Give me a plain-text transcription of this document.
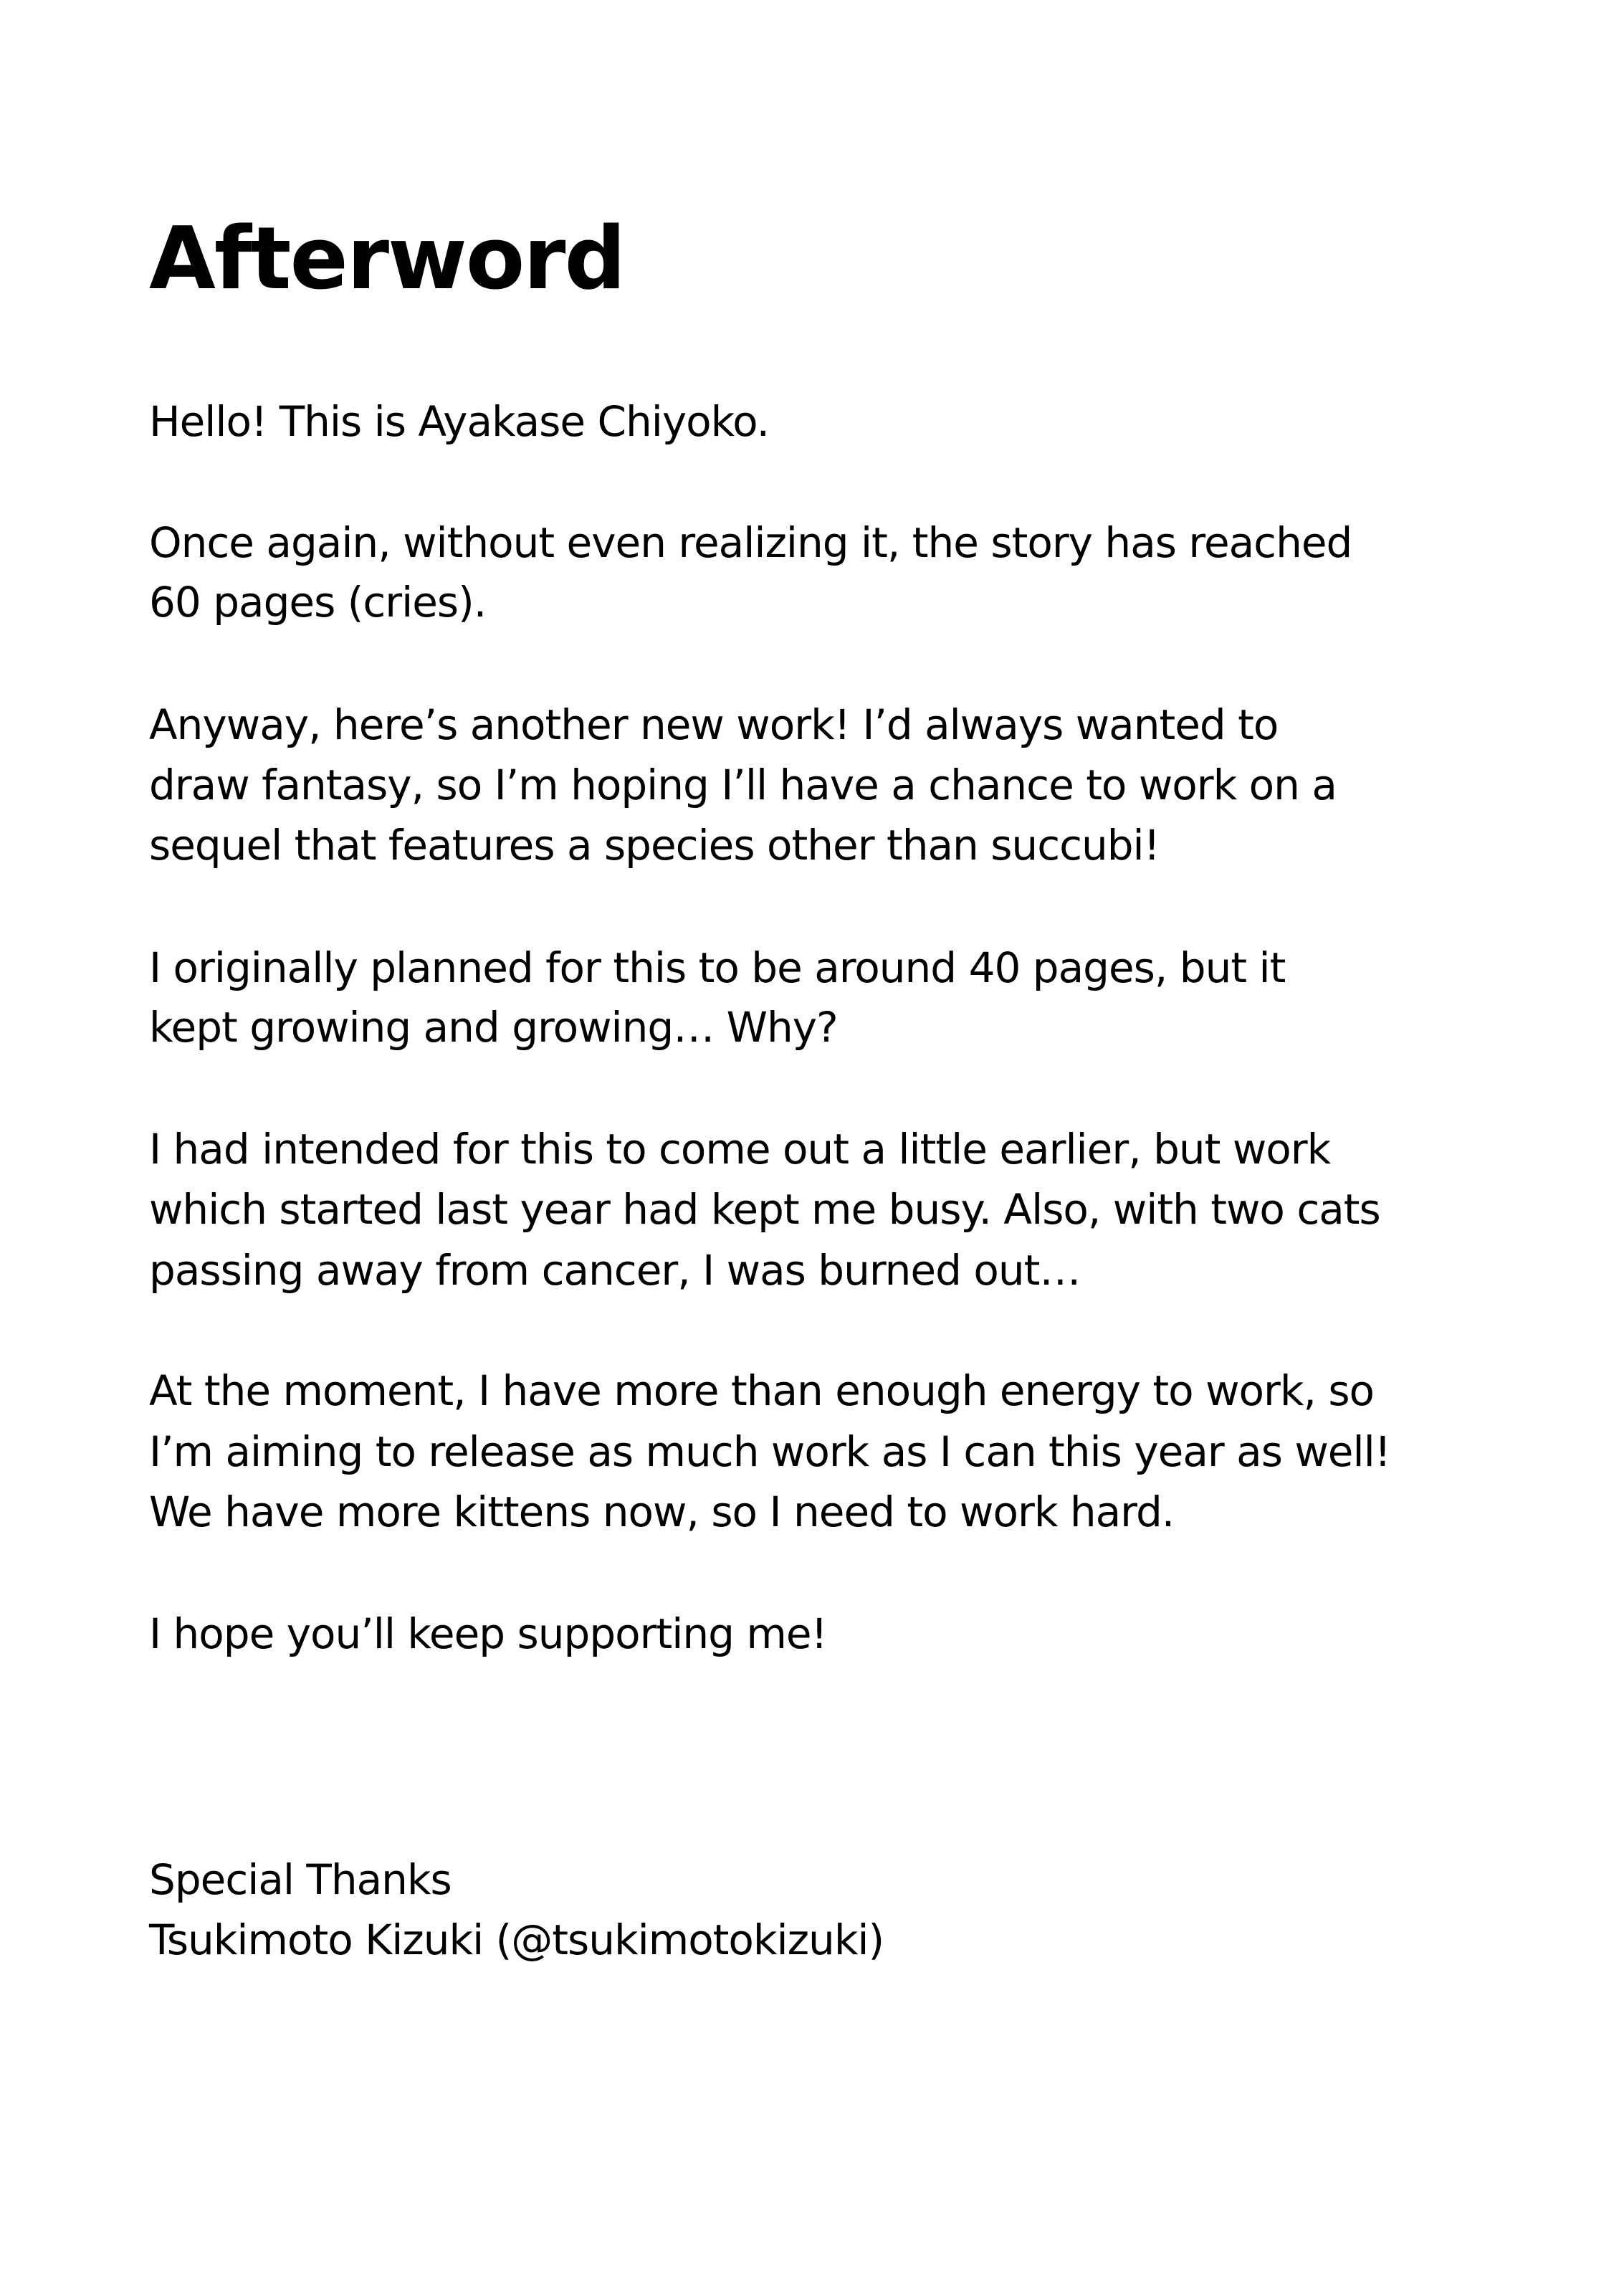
Afterword

Hello! This is Ayakase Chiyoko.

Once again, without even realizing it, the story has reached

60 pages (cries).

Anyway, here’s another new work! I’d always wanted to

draw fantasy, so I’m hoping I’ll have a chance to work on a

sequel that features a species other than succubi!

I originally planned for this to be around 40 pages, but it

kept growing and growing… Why?

I had intended for this to come out a little earlier, but work

which started last year had kept me busy. Also, with two cats

passing away from cancer, I was burned out…

At the moment, I have more than enough energy to work, so

I’m aiming to release as much work as I can this year as well!

We have more kittens now, so I need to work hard.

I hope you’ll keep supporting me!

Special Thanks

Tsukimoto Kizuki (@tsukimotokizuki)
